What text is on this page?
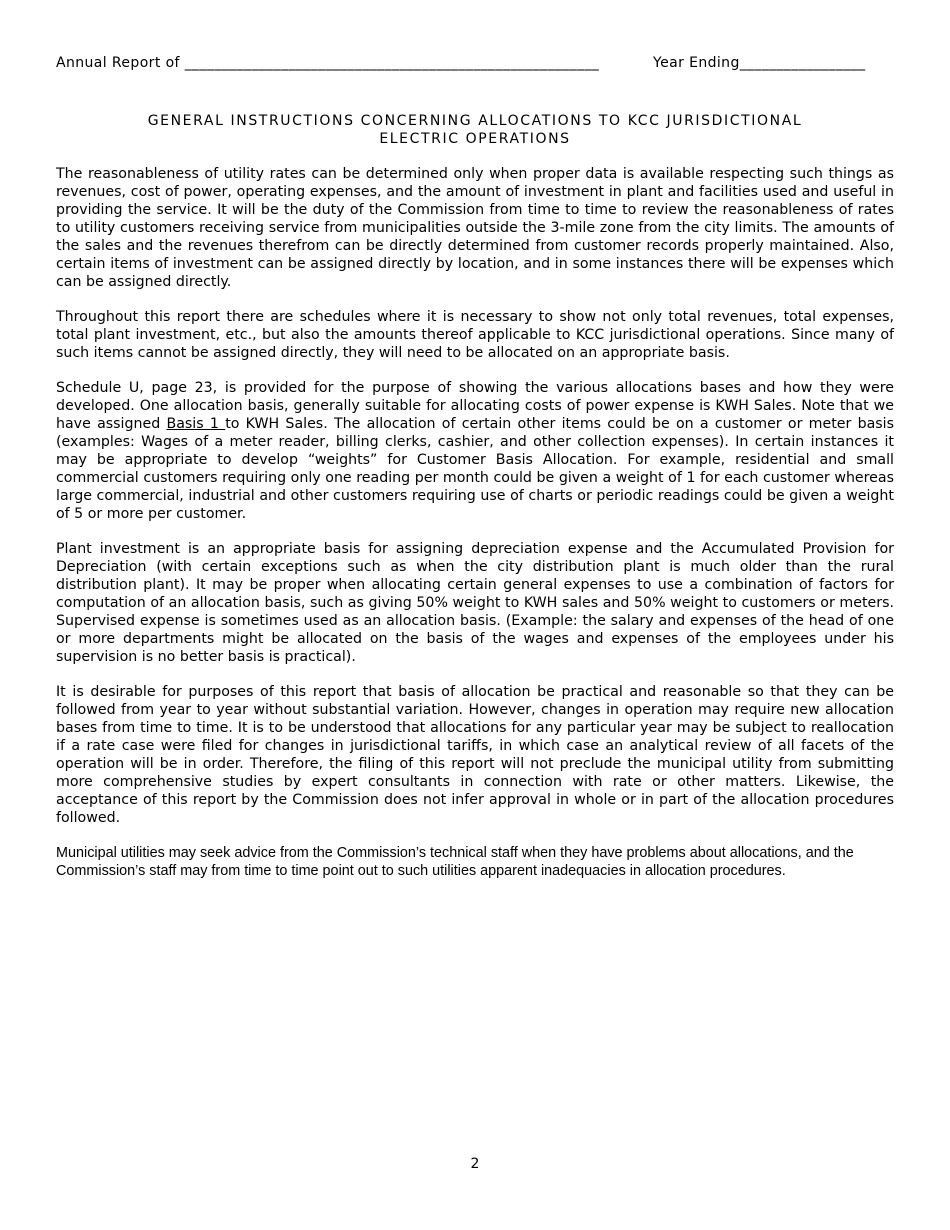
Annual Report of ________________________________________________________	Year Ending_________________
GENERAL INSTRUCTIONS CONCERNING ALLOCATIONS TO KCC JURISDICTIONAL
ELECTRIC OPERATIONS

The reasonableness of utility rates can be determined only when proper data is available respecting such things as revenues, cost of power, operating expenses, and the amount of investment in plant and facilities used and useful in providing the service. It will be the duty of the Commission from time to time to review the reasonableness of rates to utility customers receiving service from municipalities outside the 3-mile zone from the city limits. The amounts of the sales and the revenues therefrom can be directly determined from customer records properly maintained. Also, certain items of investment can be assigned directly by location, and in some instances there will be expenses which can be assigned directly.

Throughout this report there are schedules where it is necessary to show not only total revenues, total expenses, total plant investment, etc., but also the amounts thereof applicable to KCC jurisdictional operations. Since many of such items cannot be assigned directly, they will need to be allocated on an appropriate basis.

Schedule U, page 23, is provided for the purpose of showing the various allocations bases and how they were developed. One allocation basis, generally suitable for allocating costs of power expense is KWH Sales. Note that we have assigned Basis 1 to KWH Sales. The allocation of certain other items could be on a customer or meter basis (examples: Wages of a meter reader, billing clerks, cashier, and other collection expenses). In certain instances it may be appropriate to develop “weights” for Customer Basis Allocation. For example, residential and small commercial customers requiring only one reading per month could be given a weight of 1 for each customer whereas large commercial, industrial and other customers requiring use of charts or periodic readings could be given a weight of 5 or more per customer.

Plant investment is an appropriate basis for assigning depreciation expense and the Accumulated Provision for Depreciation (with certain exceptions such as when the city distribution plant is much older than the rural distribution plant). It may be proper when allocating certain general expenses to use a combination of factors for computation of an allocation basis, such as giving 50% weight to KWH sales and 50% weight to customers or meters. Supervised expense is sometimes used as an allocation basis. (Example: the salary and expenses of the head of one or more departments might be allocated on the basis of the wages and expenses of the employees under his supervision is no better basis is practical).

It is desirable for purposes of this report that basis of allocation be practical and reasonable so that they can be followed from year to year without substantial variation. However, changes in operation may require new allocation bases from time to time. It is to be understood that allocations for any particular year may be subject to reallocation if a rate case were filed for changes in jurisdictional tariffs, in which case an analytical review of all facets of the operation will be in order. Therefore, the filing of this report will not preclude the municipal utility from submitting more comprehensive studies by expert consultants in connection with rate or other matters. Likewise, the acceptance of this report by the Commission does not infer approval in whole or in part of the allocation procedures followed.

Municipal utilities may seek advice from the Commission’s technical staff when they have problems about allocations, and the Commission’s staff may from time to time point out to such utilities apparent inadequacies in allocation procedures.

2
